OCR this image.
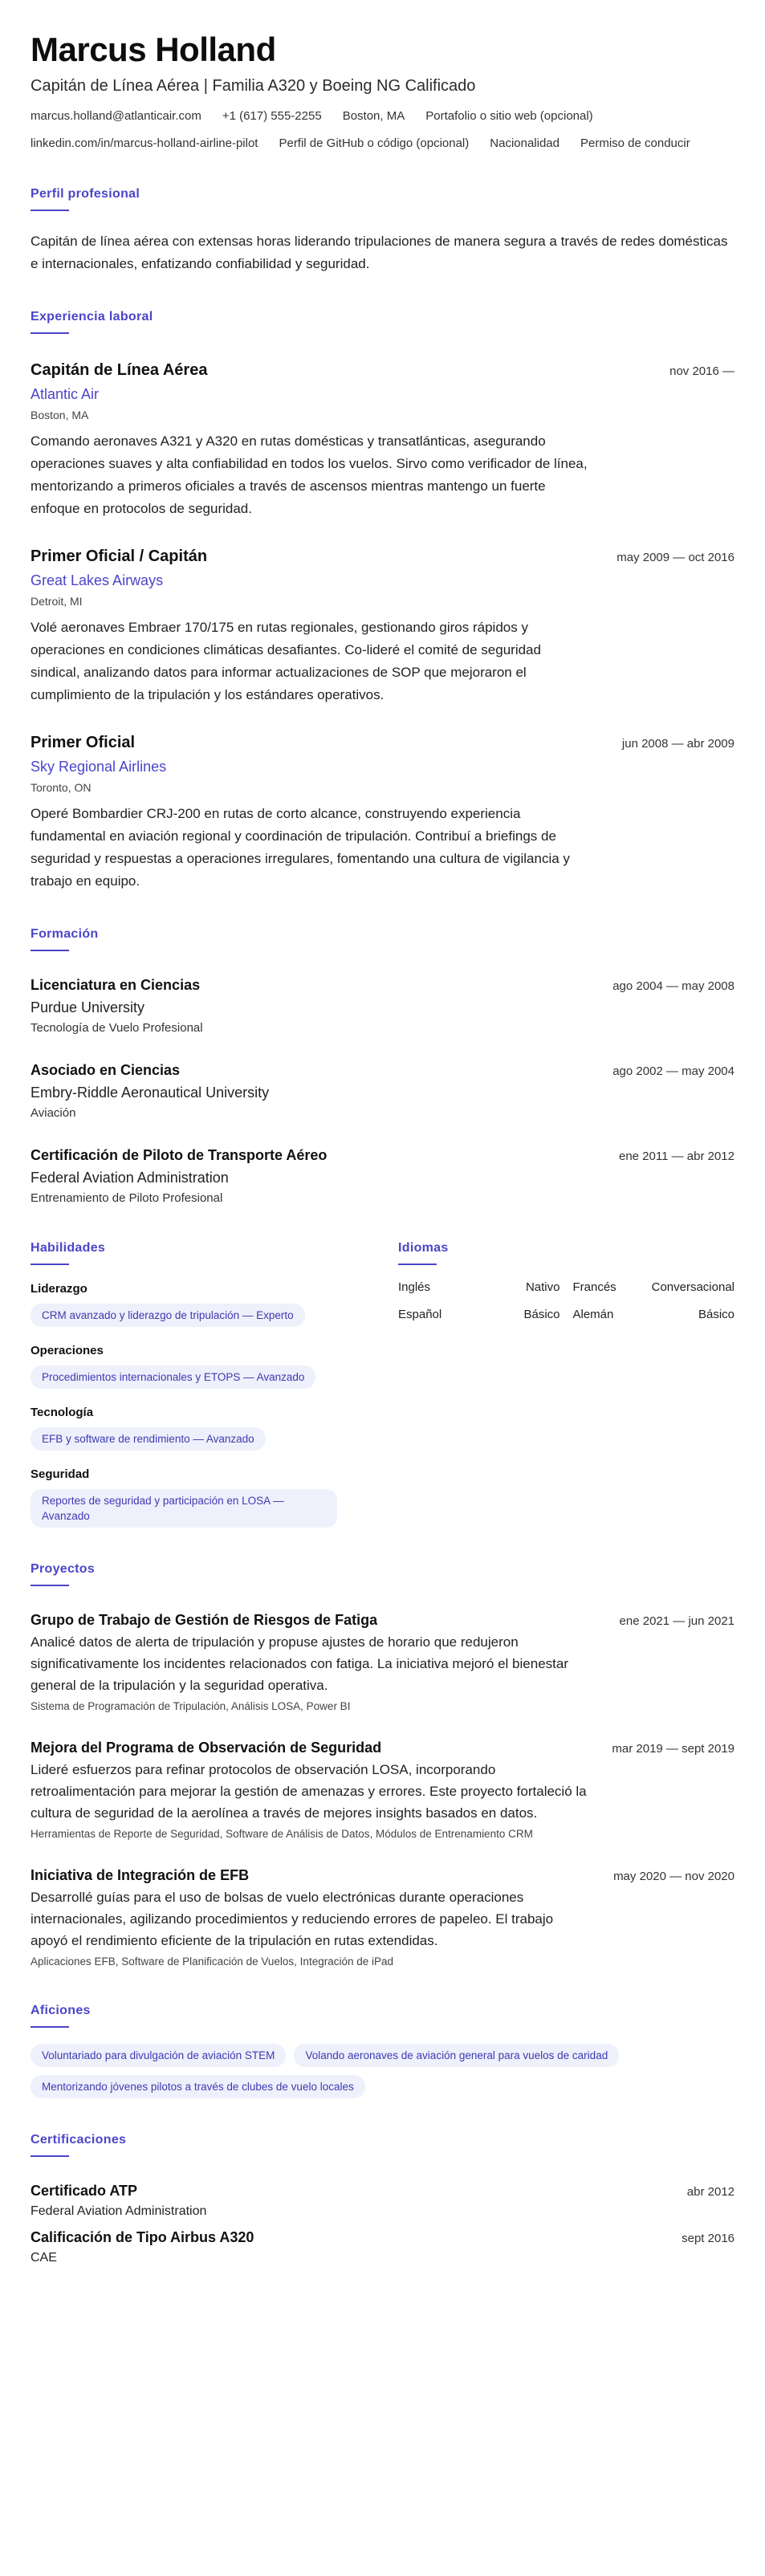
Marcus Holland
Capitán de Línea Aérea | Familia A320 y Boeing NG Calificado
marcus.holland@atlanticair.com +1 (617) 555-2255 Boston, MA Portafolio o sitio web (opcional)
linkedin.com/in/marcus-holland-airline-pilot Perfil de GitHub o código (opcional) Nacionalidad Permiso de conducir
Perfil profesional
Capitán de línea aérea con extensas horas liderando tripulaciones de manera segura a través de redes domésticas e internacionales, enfatizando confiabilidad y seguridad.
Experiencia laboral
Capitán de Línea Aérea	nov 2016 —
Atlantic Air
Boston, MA
Comando aeronaves A321 y A320 en rutas domésticas y transatlánticas, asegurando operaciones suaves y alta confiabilidad en todos los vuelos. Sirvo como verificador de línea, mentorizando a primeros oficiales a través de ascensos mientras mantengo un fuerte enfoque en protocolos de seguridad.
Primer Oficial / Capitán	may 2009 — oct 2016
Great Lakes Airways
Detroit, MI
Volé aeronaves Embraer 170/175 en rutas regionales, gestionando giros rápidos y operaciones en condiciones climáticas desafiantes. Co-lideré el comité de seguridad sindical, analizando datos para informar actualizaciones de SOP que mejoraron el cumplimiento de la tripulación y los estándares operativos.
Primer Oficial	jun 2008 — abr 2009
Sky Regional Airlines
Toronto, ON
Operé Bombardier CRJ-200 en rutas de corto alcance, construyendo experiencia fundamental en aviación regional y coordinación de tripulación. Contribuí a briefings de seguridad y respuestas a operaciones irregulares, fomentando una cultura de vigilancia y trabajo en equipo.
Formación
Licenciatura en Ciencias	ago 2004 — may 2008
Purdue University
Tecnología de Vuelo Profesional
Asociado en Ciencias	ago 2002 — may 2004
Embry-Riddle Aeronautical University
Aviación
Certificación de Piloto de Transporte Aéreo	ene 2011 — abr 2012
Federal Aviation Administration
Entrenamiento de Piloto Profesional
Habilidades
Liderazgo
CRM avanzado y liderazgo de tripulación — Experto
Operaciones
Procedimientos internacionales y ETOPS — Avanzado
Tecnología
EFB y software de rendimiento — Avanzado
Seguridad
Reportes de seguridad y participación en LOSA — Avanzado
Idiomas
Inglés	Nativo Francés	Conversacional
Español	Básico Alemán	Básico
Proyectos
Grupo de Trabajo de Gestión de Riesgos de Fatiga	ene 2021 — jun 2021
Analicé datos de alerta de tripulación y propuse ajustes de horario que redujeron significativamente los incidentes relacionados con fatiga. La iniciativa mejoró el bienestar general de la tripulación y la seguridad operativa.
Sistema de Programación de Tripulación, Análisis LOSA, Power BI
Mejora del Programa de Observación de Seguridad	mar 2019 — sept 2019
Lideré esfuerzos para refinar protocolos de observación LOSA, incorporando retroalimentación para mejorar la gestión de amenazas y errores. Este proyecto fortaleció la cultura de seguridad de la aerolínea a través de mejores insights basados en datos.
Herramientas de Reporte de Seguridad, Software de Análisis de Datos, Módulos de Entrenamiento CRM
Iniciativa de Integración de EFB	may 2020 — nov 2020
Desarrollé guías para el uso de bolsas de vuelo electrónicas durante operaciones internacionales, agilizando procedimientos y reduciendo errores de papeleo. El trabajo apoyó el rendimiento eficiente de la tripulación en rutas extendidas.
Aplicaciones EFB, Software de Planificación de Vuelos, Integración de iPad
Aficiones
Voluntariado para divulgación de aviación STEM	Volando aeronaves de aviación general para vuelos de caridad
Mentorizando jóvenes pilotos a través de clubes de vuelo locales
Certificaciones
Certificado ATP	abr 2012
Federal Aviation Administration
Calificación de Tipo Airbus A320	sept 2016
CAE
